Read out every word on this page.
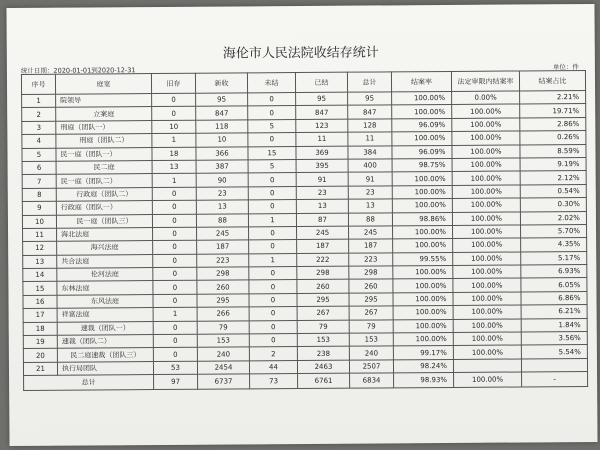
海伦市人民法院收结存统计
统计日期：2020-01-01到2020-12-31	单位：件
序号	庭室	旧存	新收	未结	已结	总计	结案率	法定审限内结案率	结案占比
1	院领导	0	95	0	95	95	100.00%	0.00%	2.21%
2	立案庭	0	847	0	847	847	100.00%	100.00%	19.71%
3	刑庭（团队一）	10	118	5	123	128	96.09%	100.00%	2.86%
4	刑庭（团队二）	1	10	0	11	11	100.00%	100.00%	0.26%
5	民一庭（团队一）	18	366	15	369	384	96.09%	100.00%	8.59%
6	民二庭	13	387	5	395	400	98.75%	100.00%	9.19%
7	民一庭（团队二）	1	90	0	91	91	100.00%	100.00%	2.12%
8	行政庭（团队二）	0	23	0	23	23	100.00%	100.00%	0.54%
9	行政庭（团队一）	0	13	0	13	13	100.00%	100.00%	0.30%
10	民一庭（团队三）	0	88	1	87	88	98.86%	100.00%	2.02%
11	海北法庭	0	245	0	245	245	100.00%	100.00%	5.70%
12	海兴法庭	0	187	0	187	187	100.00%	100.00%	4.35%
13	共合法庭	0	223	1	222	223	99.55%	100.00%	5.17%
14	伦河法庭	0	298	0	298	298	100.00%	100.00%	6.93%
15	东林法庭	0	260	0	260	260	100.00%	100.00%	6.05%
16	东风法庭	0	295	0	295	295	100.00%	100.00%	6.86%
17	祥富法庭	1	266	0	267	267	100.00%	100.00%	6.21%
18	速裁（团队一）	0	79	0	79	79	100.00%	100.00%	1.84%
19	速裁（团队二）	0	153	0	153	153	100.00%	100.00%	3.56%
20	民二庭速裁（团队三）	0	240	2	238	240	99.17%	100.00%	5.54%
21	执行局团队	53	2454	44	2463	2507	98.24%		
总计		97	6737	73	6761	6834	98.93%	100.00%	-
